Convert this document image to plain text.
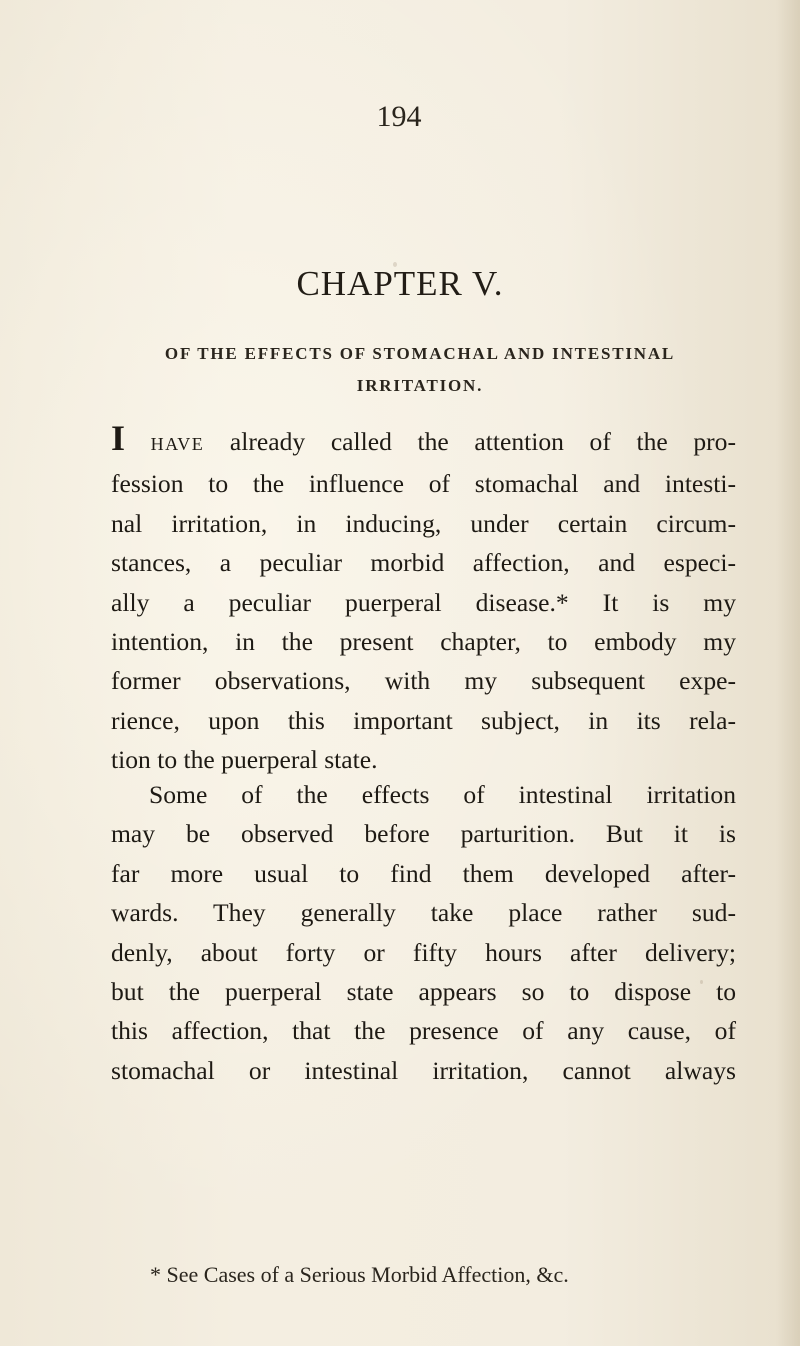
194
CHAPTER V.
OF THE EFFECTS OF STOMACHAL AND INTESTINAL
IRRITATION.
I HAVE already called the attention of the pro-
fession to the influence of stomachal and intesti-
nal irritation, in inducing, under certain circum-
stances, a peculiar morbid affection, and especi-
ally a peculiar puerperal disease.* It is my
intention, in the present chapter, to embody my
former observations, with my subsequent expe-
rience, upon this important subject, in its rela-
tion to the puerperal state.
Some of the effects of intestinal irritation
may be observed before parturition. But it is
far more usual to find them developed after-
wards. They generally take place rather sud-
denly, about forty or fifty hours after delivery;
but the puerperal state appears so to dispose to
this affection, that the presence of any cause, of
stomachal or intestinal irritation, cannot always
* See Cases of a Serious Morbid Affection, &c.
